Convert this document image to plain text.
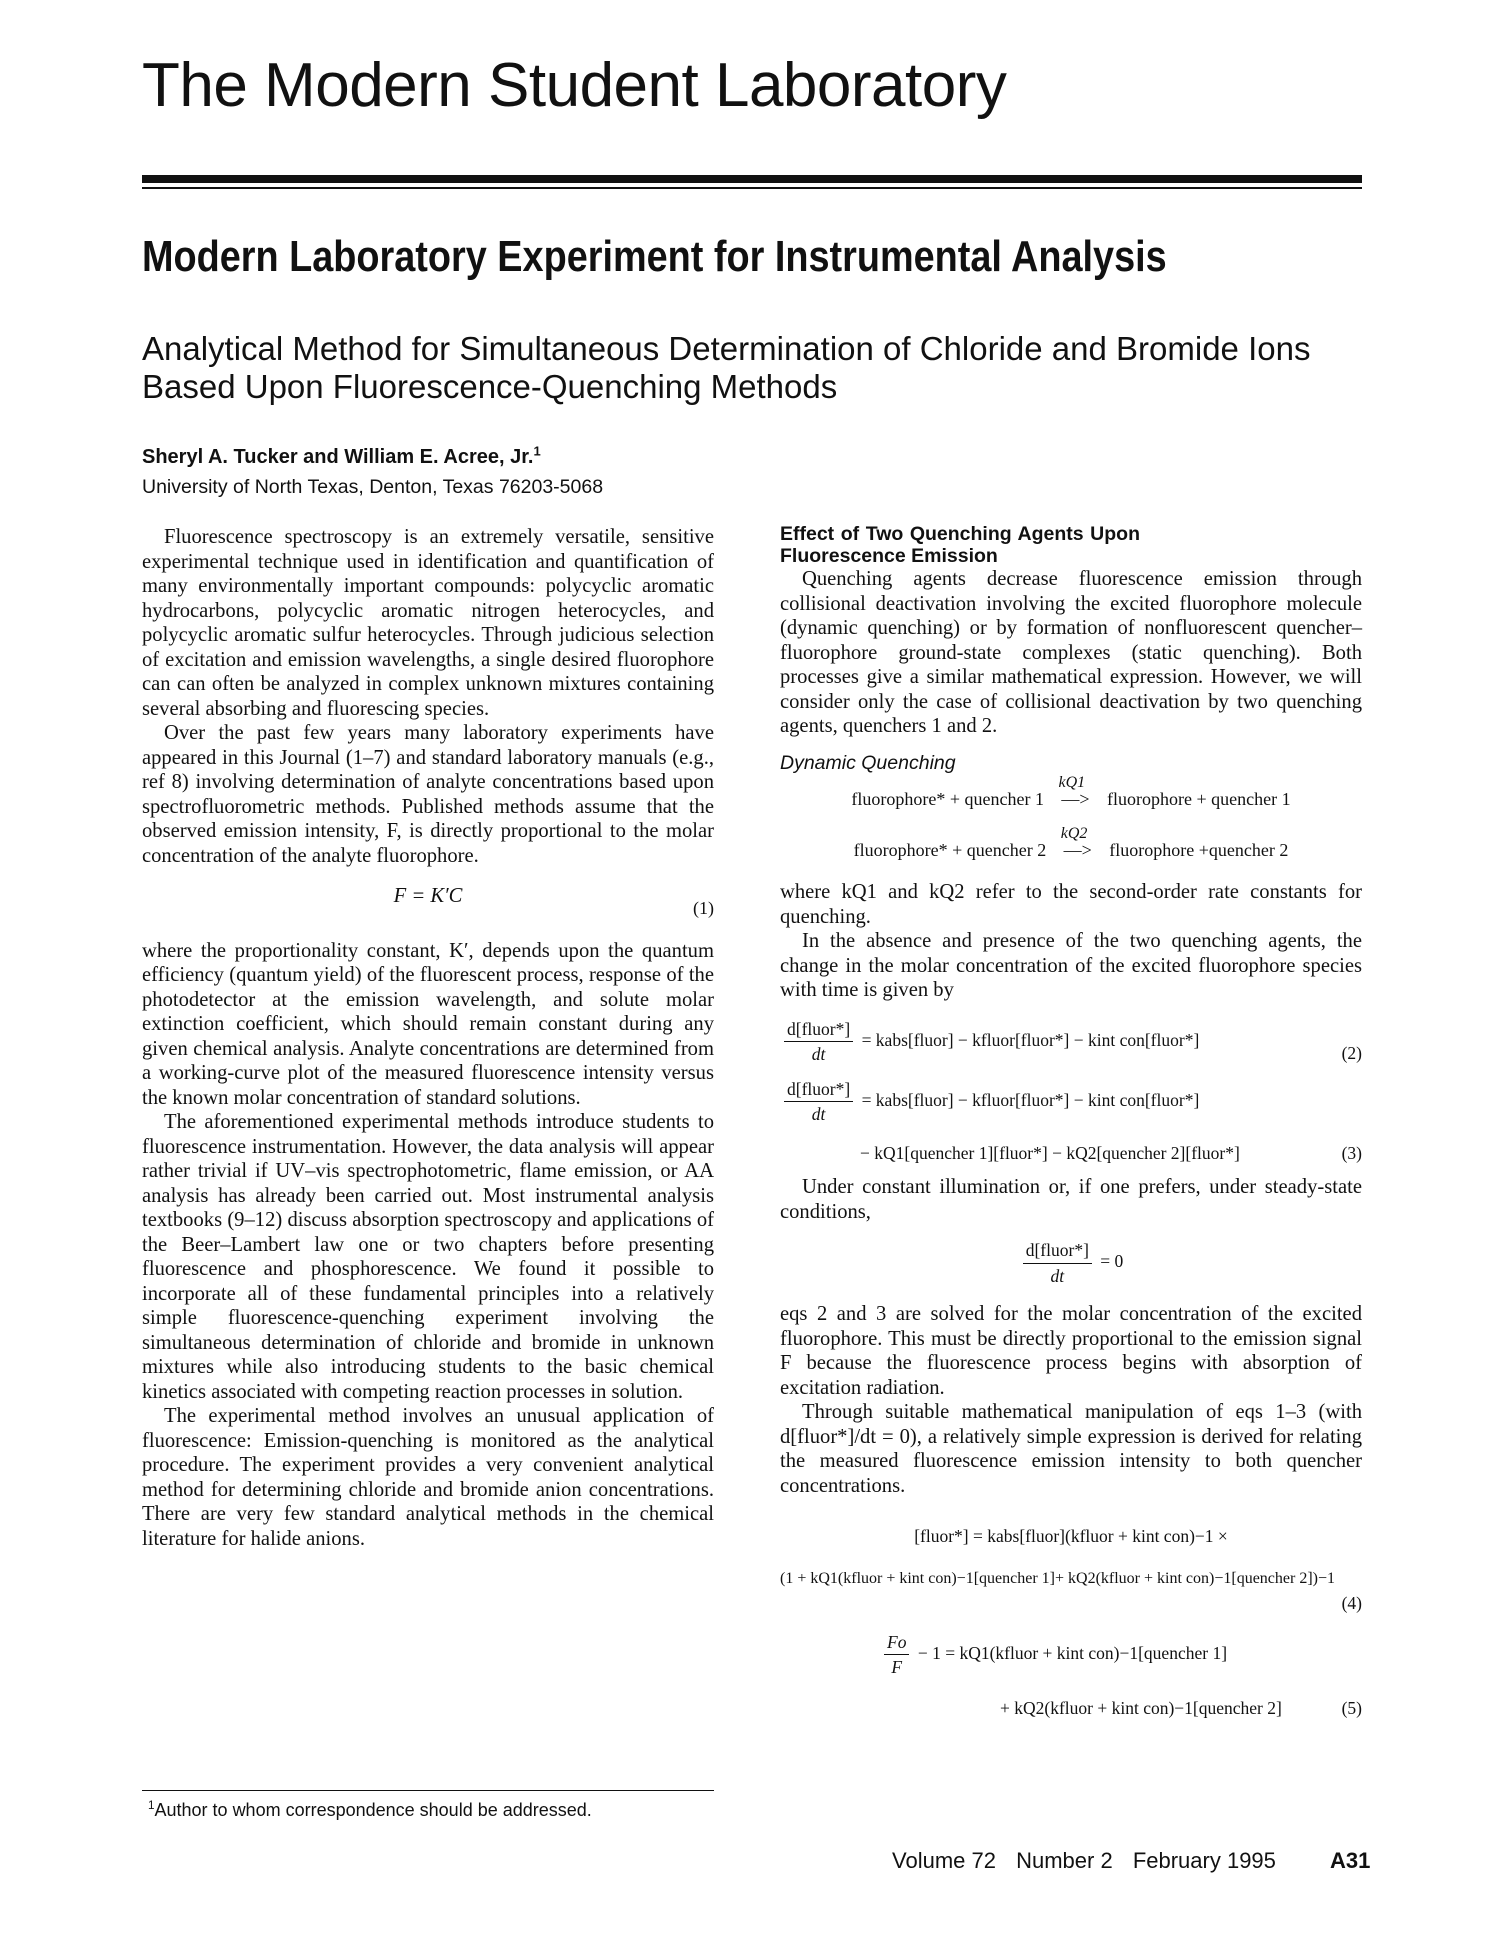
The Modern Student Laboratory
Modern Laboratory Experiment for Instrumental Analysis
Analytical Method for Simultaneous Determination of Chloride and Bromide Ions Based Upon Fluorescence-Quenching Methods
Sheryl A. Tucker and William E. Acree, Jr.$^1$
University of North Texas, Denton, Texas 76203-5068

Fluorescence spectroscopy is an extremely versatile, sensitive experimental technique used in identification and quantification of many environmentally important compounds: polycyclic aromatic hydrocarbons, polycyclic aromatic nitrogen heterocycles, and polycyclic aromatic sulfur heterocycles. Through judicious selection of excitation and emission wavelengths, a single desired fluorophore can can often be analyzed in complex unknown mixtures containing several absorbing and fluorescing species.

Over the past few years many laboratory experiments have appeared in this Journal (1–7) and standard laboratory manuals (e.g., ref 8) involving determination of analyte concentrations based upon spectrofluorometric methods. Published methods assume that the observed emission intensity, F, is directly proportional to the molar concentration of the analyte fluorophore.

F = K′C
(1)

where the proportionality constant, K′, depends upon the quantum efficiency (quantum yield) of the fluorescent process, response of the photodetector at the emission wavelength, and solute molar extinction coefficient, which should remain constant during any given chemical analysis. Analyte concentrations are determined from a working-curve plot of the measured fluorescence intensity versus the known molar concentration of standard solutions.

The aforementioned experimental methods introduce students to fluorescence instrumentation. However, the data analysis will appear rather trivial if UV–vis spectrophotometric, flame emission, or AA analysis has already been carried out. Most instrumental analysis textbooks (9–12) discuss absorption spectroscopy and applications of the Beer–Lambert law one or two chapters before presenting fluorescence and phosphorescence. We found it possible to incorporate all of these fundamental principles into a relatively simple fluorescence-quenching experiment involving the simultaneous determination of chloride and bromide in unknown mixtures while also introducing students to the basic chemical kinetics associated with competing reaction processes in solution.

The experimental method involves an unusual application of fluorescence: Emission-quenching is monitored as the analytical procedure. The experiment provides a very convenient analytical method for determining chloride and bromide anion concentrations. There are very few standard analytical methods in the chemical literature for halide anions.

$^1$Author to whom correspondence should be addressed.
Effect of Two Quenching Agents Upon Fluorescence Emission

Quenching agents decrease fluorescence emission through collisional deactivation involving the excited fluorophore molecule (dynamic quenching) or by formation of nonfluorescent quencher–fluorophore ground-state complexes (static quenching). Both processes give a similar mathematical expression. However, we will consider only the case of collisional deactivation by two quenching agents, quenchers 1 and 2.

Dynamic Quenching
fluorophore* + quencher 1
kQ1
—> fluorophore + quencher 1
fluorophore* + quencher 2
kQ2
—> fluorophore +quencher 2

where kQ1 and kQ2 refer to the second-order rate constants for quenching.

In the absence and presence of the two quenching agents, the change in the molar concentration of the excited fluorophore species with time is given by

$\frac{\text{d[fluor*]}}{dt}$ = kabs[fluor] − kfluor[fluor*] − kint con[fluor*]
(2)
$\frac{\text{d[fluor*]}}{dt}$ = kabs[fluor] − kfluor[fluor*] − kint con[fluor*]
− kQ1[quencher 1][fluor*] − kQ2[quencher 2][fluor*]	(3)

Under constant illumination or, if one prefers, under steady-state conditions,

$\frac{\text{d[fluor*]}}{dt} = 0$

eqs 2 and 3 are solved for the molar concentration of the excited fluorophore. This must be directly proportional to the emission signal F because the fluorescence process begins with absorption of excitation radiation.

Through suitable mathematical manipulation of eqs 1–3 (with d[fluor*]/dt = 0), a relatively simple expression is derived for relating the measured fluorescence emission intensity to both quencher concentrations.

[fluor*] = kabs[fluor](kfluor + kint con)−1 ×
(1 + kQ1(kfluor + kint con)−1[quencher 1]+ kQ2(kfluor + kint con)−1[quencher 2])−1
(4)
$\frac{Fo}{F} - 1$ = kQ1(kfluor + kint con)−1[quencher 1]
+ kQ2(kfluor + kint con)−1[quencher 2]	(5)
Volume 72 Number 2 February 1995 A31
